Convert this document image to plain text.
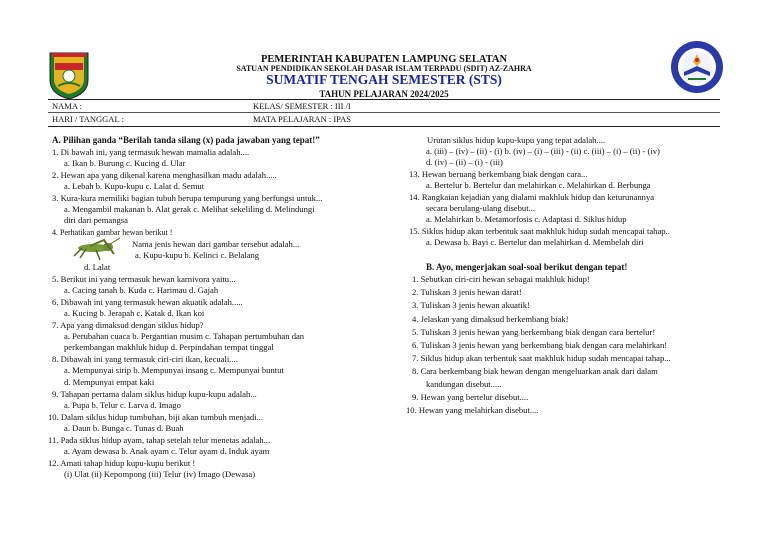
PEMERINTAH KABUPATEN LAMPUNG SELATAN
SATUAN PENDIDIKAN SEKOLAH DASAR ISLAM TERPADU (SDIT) AZ-ZAHRA
SUMATIF TENGAH SEMESTER (STS)
TAHUN PELAJARAN 2024/2025
NAMA :	KELAS/ SEMESTER : III /I
HARI / TANGGAL :	MATA PELAJARAN : IPAS
A. Pilihan ganda “Berilah tanda silang (x) pada jawaban yang tepat!”
1. Di bawah ini, yang termasuk hewan mamalia adalah....
a. Ikan b. Burung c. Kucing d. Ular
2. Hewan apa yang dikenal karena menghasilkan madu adalah.....
a. Lebah b. Kupu-kupu c. Lalat d. Semut
3. Kura-kura memiliki bagian tubuh berupa tempurung yang berfungsi untuk...
a. Mengambil makanan b. Alat gerak c. Melihat sekeliling d. Melindungi
diri dari pemangsa
4. Perhatikan gambar hewan berikut !
Nama jenis hewan dari gambar tersebut adalah...
a. Kupu-kupu b. Kelinci c. Belalang
d. Lalat
5. Berikut ini yang termasuk hewan karnivora yaitu...
a. Cacing tanah b. Kuda c. Harimau d. Gajah
6. Dibawah ini yang termasuk hewan akuatik adalah.....
a. Kucing b. Jerapah c. Katak d. Ikan koi
7. Apa yang dimaksud dengan siklus hidup?
a. Perubahan cuaca b. Pergantian musim c. Tahapan pertumbuhan dan
perkembangan makhluk hidup d. Perpindahan tempat tinggal
8. Dibawah ini yang termasuk ciri-ciri ikan, kecuali....
a. Mempunyai sirip b. Mempunyai insang c. Mempunyai buntut
d. Mempunyai empat kaki
9. Tahapan pertama dalam siklus hidup kupu-kupu adalah...
a. Pupa b. Telur c. Larva d. Imago
10. Dalam siklus hidup tumbuhan, biji akan tumbuh menjadi...
a. Daun b. Bunga c. Tunas d. Buah
11. Pada siklus hidup ayam, tahap setelah telur menetas adalah...
a. Ayam dewasa b. Anak ayam c. Telur ayam d. Induk ayam
12. Amati tahap hidup kupu-kupu berikut !
(i) Ulat (ii) Kepompong (iii) Telur (iv) Imago (Dewasa)
Urutan siklus hidup kupu-kupu yang tepat adalah....
a. (iii) – (iv) – (ii) - (i) b. (iv) – (i) – (iii) - (ii) c. (iii) – (i) – (ii) - (iv)
d. (iv) – (ii) – (i) - (iii)
13. Hewan beruang berkembang biak dengan cara...
a. Bertelur b. Bertelur dan melahirkan c. Melahirkan d. Berbunga
14. Rangkaian kejadian yang dialami makhluk hidup dan keturunannya
secara berulang-ulang disebut...
a. Melahirkan b. Metamorfosis c. Adaptasi d. Siklus hidup
15. Siklus hidup akan terbentuk saat makhluk hidup sudah mencapai tahap..
a. Dewasa b. Bayi c. Bertelur dan melahirkan d. Membelah diri
B. Ayo, mengerjakan soal-soal berikut dengan tepat!
1. Sebutkan ciri-ciri hewan sebagai makhluk hidup!
2. Tuliskan 3 jenis hewan darat!
3. Tuliskan 3 jenis hewan akuatik!
4. Jelaskan yang dimaksud berkembang biak!
5. Tuliskan 3 jenis hewan yang berkembang biak dengan cara bertelur!
6. Tuliskan 3 jenis hewan yang berkembang biak dengan cara melahirkan!
7. Siklus hidup akan terbentuk saat makhluk hidup sudah mencapai tahap...
8. Cara berkembang biak hewan dengan mengeluarkan anak dari dalam
kandungan disebut.....
9. Hewan yang bertelur disebut....
10. Hewan yang melahirkan disebut....
